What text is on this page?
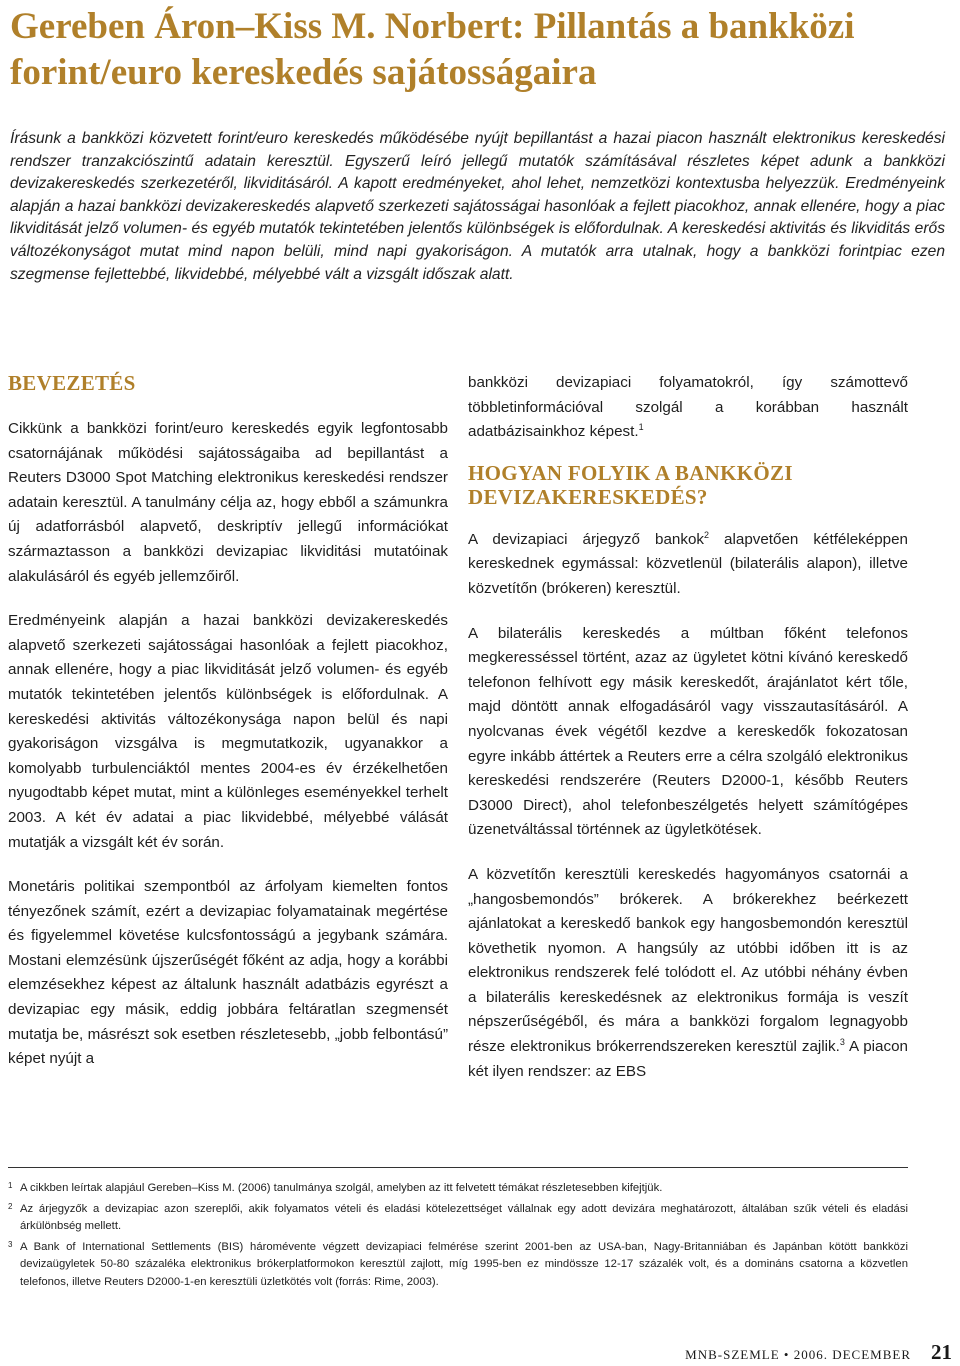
Gereben Áron–Kiss M. Norbert: Pillantás a bankközi forint/euro kereskedés sajátosságaira

Írásunk a bankközi közvetett forint/euro kereskedés működésébe nyújt bepillantást a hazai piacon használt elektronikus kereskedési rendszer tranzakciószintű adatain keresztül. Egyszerű leíró jellegű mutatók számításával részletes képet adunk a bankközi devizakereskedés szerkezetéről, likviditásáról. A kapott eredményeket, ahol lehet, nemzetközi kontextusba helyezzük. Eredményeink alapján a hazai bankközi devizakereskedés alapvető szerkezeti sajátosságai hasonlóak a fejlett piacokhoz, annak ellenére, hogy a piac likviditását jelző volumen- és egyéb mutatók tekintetében jelentős különbségek is előfordulnak. A kereskedési aktivitás és likviditás erős változékonyságot mutat mind napon belüli, mind napi gyakoriságon. A mutatók arra utalnak, hogy a bankközi forintpiac ezen szegmense fejlettebbé, likvidebbé, mélyebbé vált a vizsgált időszak alatt.

BEVEZETÉS

Cikkünk a bankközi forint/euro kereskedés egyik legfontosabb csatornájának működési sajátosságaiba ad bepillantást a Reuters D3000 Spot Matching elektronikus kereskedési rendszer adatain keresztül. A tanulmány célja az, hogy ebből a számunkra új adatforrásból alapvető, deskriptív jellegű információkat származtasson a bankközi devizapiac likviditási mutatóinak alakulásáról és egyéb jellemzőiről.

Eredményeink alapján a hazai bankközi devizakereskedés alapvető szerkezeti sajátosságai hasonlóak a fejlett piacokhoz, annak ellenére, hogy a piac likviditását jelző volumen- és egyéb mutatók tekintetében jelentős különbségek is előfordulnak. A kereskedési aktivitás változékonysága napon belül és napi gyakoriságon vizsgálva is megmutatkozik, ugyanakkor a komolyabb turbulenciáktól mentes 2004-es év érzékelhetően nyugodtabb képet mutat, mint a különleges eseményekkel terhelt 2003. A két év adatai a piac likvidebbé, mélyebbé válását mutatják a vizsgált két év során.

Monetáris politikai szempontból az árfolyam kiemelten fontos tényezőnek számít, ezért a devizapiac folyamatainak megértése és figyelemmel követése kulcsfontosságú a jegybank számára. Mostani elemzésünk újszerűségét főként az adja, hogy a korábbi elemzésekhez képest az általunk használt adatbázis egyrészt a devizapiac egy másik, eddig jobbára feltáratlan szegmensét mutatja be, másrészt sok esetben részletesebb, „jobb felbontású” képet nyújt a

bankközi devizapiaci folyamatokról, így számottevő többletinformációval szolgál a korábban használt adatbázisainkhoz képest.$^1$

HOGYAN FOLYIK A BANKKÖZI DEVIZAKERESKEDÉS?

A devizapiaci árjegyző bankok$^2$ alapvetően kétféleképpen kereskednek egymással: közvetlenül (bilaterális alapon), illetve közvetítőn (brókeren) keresztül.

A bilaterális kereskedés a múltban főként telefonos megkeresséssel történt, azaz az ügyletet kötni kívánó kereskedő telefonon felhívott egy másik kereskedőt, árajánlatot kért tőle, majd döntött annak elfogadásáról vagy visszautasításáról. A nyolcvanas évek végétől kezdve a kereskedők fokozatosan egyre inkább áttértek a Reuters erre a célra szolgáló elektronikus kereskedési rendszerére (Reuters D2000-1, később Reuters D3000 Direct), ahol telefonbeszélgetés helyett számítógépes üzenetváltással történnek az ügyletkötések.

A közvetítőn keresztüli kereskedés hagyományos csatornái a „hangosbemondós” brókerek. A brókerekhez beérkezett ajánlatokat a kereskedő bankok egy hangosbemondón keresztül követhetik nyomon. A hangsúly az utóbbi időben itt is az elektronikus rendszerek felé tolódott el. Az utóbbi néhány évben a bilaterális kereskedésnek az elektronikus formája is veszít népszerűségéből, és mára a bankközi forgalom legnagyobb része elektronikus brókerrendszereken keresztül zajlik.$^3$ A piacon két ilyen rendszer: az EBS

1 A cikkben leírtak alapjául Gereben–Kiss M. (2006) tanulmánya szolgál, amelyben az itt felvetett témákat részletesebben kifejtjük.

2 Az árjegyzők a devizapiac azon szereplői, akik folyamatos vételi és eladási kötelezettséget vállalnak egy adott devizára meghatározott, általában szűk vételi és eladási árkülönbség mellett.

3 A Bank of International Settlements (BIS) háromévente végzett devizapiaci felmérése szerint 2001-ben az USA-ban, Nagy-Britanniában és Japánban kötött bankközi devizaügyletek 50-80 százaléka elektronikus brókerplatformokon keresztül zajlott, míg 1995-ben ez mindössze 12-17 százalék volt, és a domináns csatorna a közvetlen telefonos, illetve Reuters D2000-1-en keresztüli üzletkötés volt (forrás: Rime, 2003).

MNB-SZEMLE • 2006. DECEMBER 21
